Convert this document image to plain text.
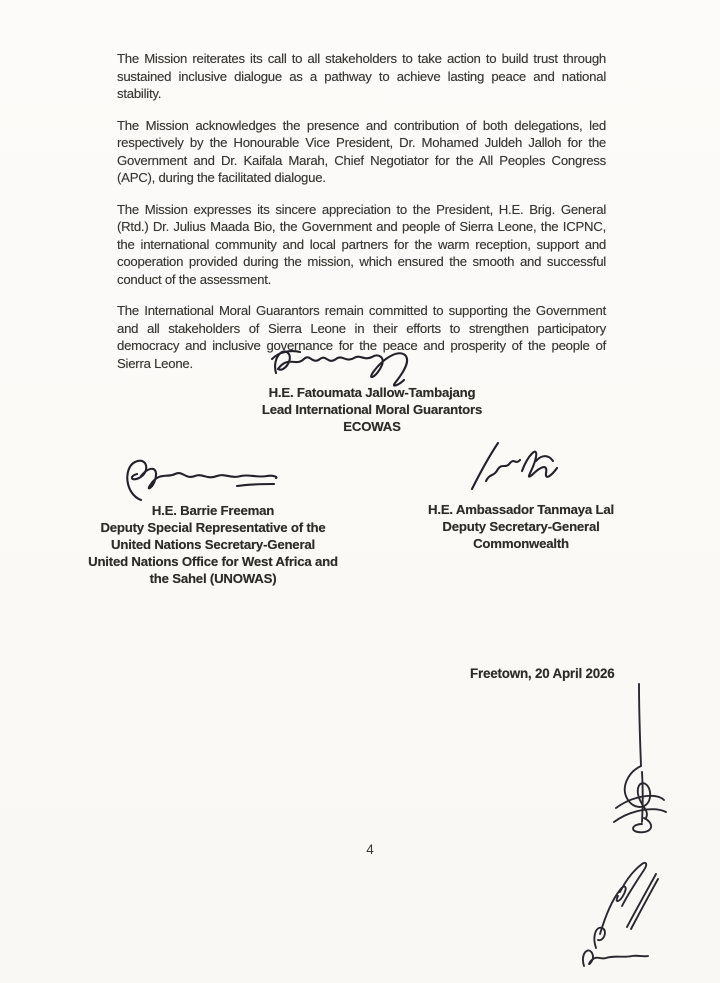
The Mission reiterates its call to all stakeholders to take action to build trust through sustained inclusive dialogue as a pathway to achieve lasting peace and national stability.

The Mission acknowledges the presence and contribution of both delegations, led respectively by the Honourable Vice President, Dr. Mohamed Juldeh Jalloh for the Government and Dr. Kaifala Marah, Chief Negotiator for the All Peoples Congress (APC), during the facilitated dialogue.

The Mission expresses its sincere appreciation to the President, H.E. Brig. General (Rtd.) Dr. Julius Maada Bio, the Government and people of Sierra Leone, the ICPNC, the international community and local partners for the warm reception, support and cooperation provided during the mission, which ensured the smooth and successful conduct of the assessment.

The International Moral Guarantors remain committed to supporting the Government and all stakeholders of Sierra Leone in their efforts to strengthen participatory democracy and inclusive governance for the peace and prosperity of the people of Sierra Leone.

H.E. Fatoumata Jallow-Tambajang
Lead International Moral Guarantors
ECOWAS
H.E. Barrie Freeman
Deputy Special Representative of the
United Nations Secretary-General
United Nations Office for West Africa and
the Sahel (UNOWAS)
H.E. Ambassador Tanmaya Lal
Deputy Secretary-General
Commonwealth
Freetown, 20 April 2026
4
